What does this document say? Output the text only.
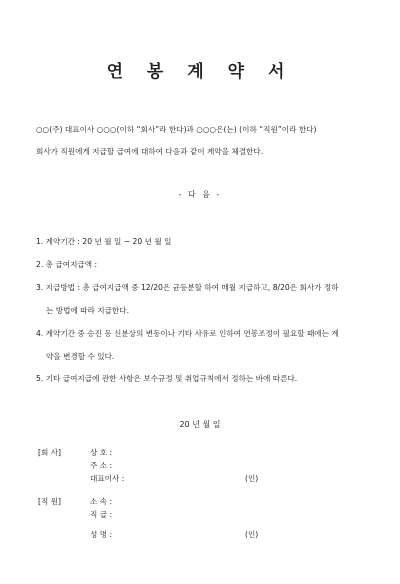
연 봉 계 약 서
○○(주) 대표이사 ○○○(이하 “회사”라 한다)과 ○○○은(는) (이하 “직원”이라 한다)
회사가 직원에게 지급할 급여에 대하여 다음과 같이 계약을 체결한다.
- 다 음 -
1. 계약기간 : 20 년 월 일 ~ 20 년 월 일
2. 총 급여지급액 :
3. 지급방법 : 총 급여지급액 중 12/20은 균등분할 하여 매월 지급하고, 8/20은 회사가 정하
는 방법에 따라 지급한다.
4. 계약기간 중 승진 등 신분상의 변동이나 기타 사유로 인하여 연봉조정이 필요할 때에는 계
약을 변경할 수 있다.
5. 기타 급여지급에 관한 사항은 보수규정 및 취업규칙에서 정하는 바에 따른다.
20 년 월 일
[회 사]	상 호 :
주 소 :
대표이사 :	(인)
[직 원]	소 속 :
직 급 :
성 명 :	(인)
